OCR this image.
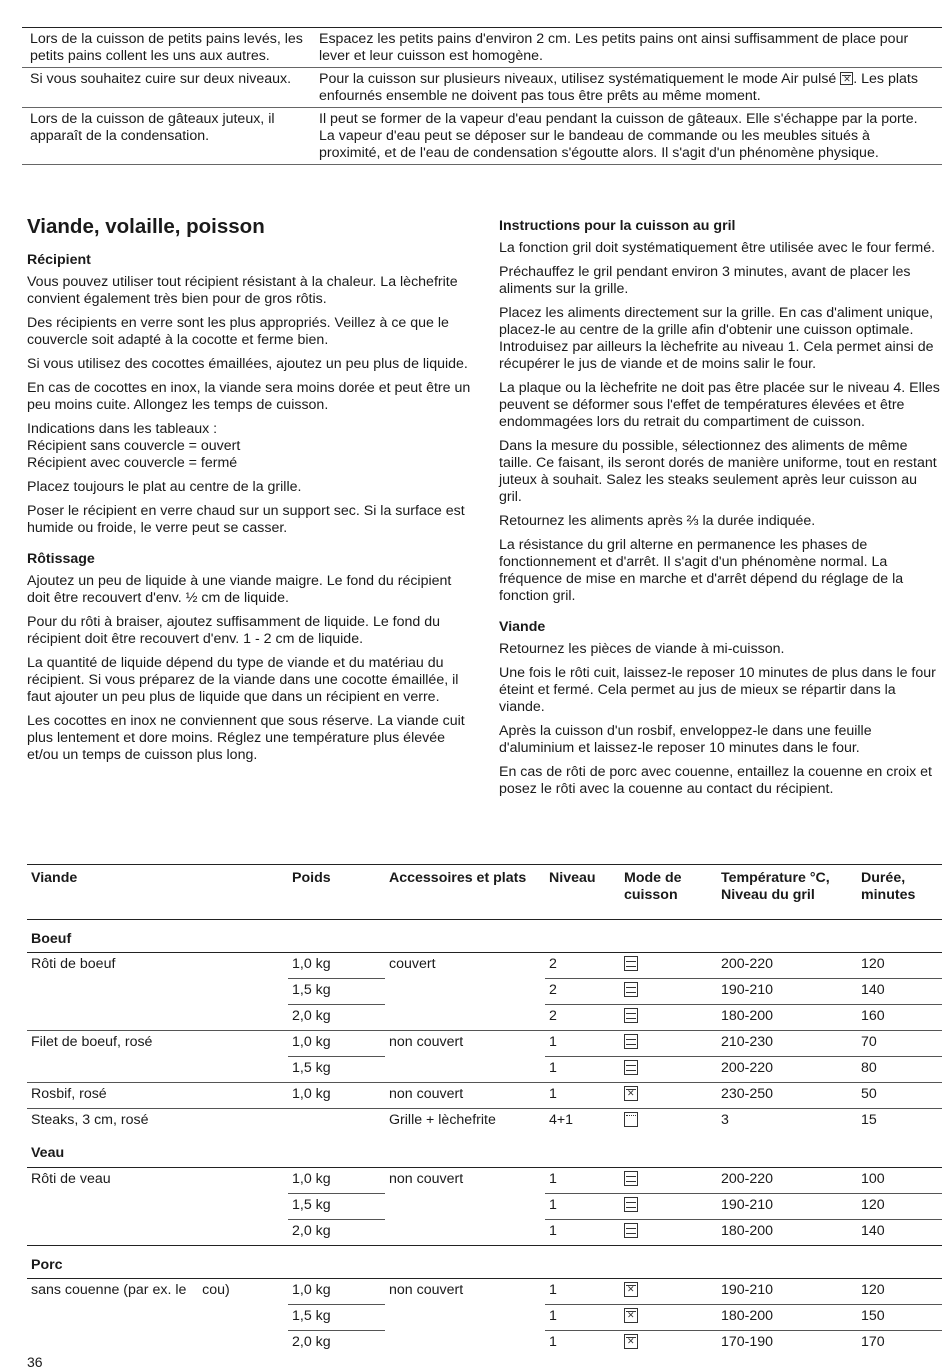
Lors de la cuisson de petits pains levés, les petits pains collent les uns aux autres.	Espacez les petits pains d'environ 2 cm. Les petits pains ont ainsi suffisamment de place pour lever et leur cuisson est homogène.
Si vous souhaitez cuire sur deux niveaux.	Pour la cuisson sur plusieurs niveaux, utilisez systématiquement le mode Air pulsé ✕ . Les plats enfournés ensemble ne doivent pas tous être prêts au même moment.
Lors de la cuisson de gâteaux juteux, il apparaît de la condensation.	Il peut se former de la vapeur d'eau pendant la cuisson de gâteaux. Elle s'échappe par la porte. La vapeur d'eau peut se déposer sur le bandeau de commande ou les meubles situés à proximité, et de l'eau de condensation s'égoutte alors. Il s'agit d'un phénomène physique.
Viande, volaille, poisson
Récipient

Vous pouvez utiliser tout récipient résistant à la chaleur. La lèchefrite convient également très bien pour de gros rôtis.

Des récipients en verre sont les plus appropriés. Veillez à ce que le couvercle soit adapté à la cocotte et ferme bien.

Si vous utilisez des cocottes émaillées, ajoutez un peu plus de liquide.

En cas de cocottes en inox, la viande sera moins dorée et peut être un peu moins cuite. Allongez les temps de cuisson.

Indications dans les tableaux :
Récipient sans couvercle = ouvert
Récipient avec couvercle = fermé

Placez toujours le plat au centre de la grille.

Poser le récipient en verre chaud sur un support sec. Si la surface est humide ou froide, le verre peut se casser.

Rôtissage

Ajoutez un peu de liquide à une viande maigre. Le fond du récipient doit être recouvert d'env. ½ cm de liquide.

Pour du rôti à braiser, ajoutez suffisamment de liquide. Le fond du récipient doit être recouvert d'env. 1 - 2 cm de liquide.

La quantité de liquide dépend du type de viande et du matériau du récipient. Si vous préparez de la viande dans une cocotte émaillée, il faut ajouter un peu plus de liquide que dans un récipient en verre.

Les cocottes en inox ne conviennent que sous réserve. La viande cuit plus lentement et dore moins. Réglez une température plus élevée et/ou un temps de cuisson plus long.

Instructions pour la cuisson au gril

La fonction gril doit systématiquement être utilisée avec le four fermé.

Préchauffez le gril pendant environ 3 minutes, avant de placer les aliments sur la grille.

Placez les aliments directement sur la grille. En cas d'aliment unique, placez-le au centre de la grille afin d'obtenir une cuisson optimale. Introduisez par ailleurs la lèchefrite au niveau 1. Cela permet ainsi de récupérer le jus de viande et de moins salir le four.

La plaque ou la lèchefrite ne doit pas être placée sur le niveau 4. Elles peuvent se déformer sous l'effet de températures élevées et être endommagées lors du retrait du compartiment de cuisson.

Dans la mesure du possible, sélectionnez des aliments de même taille. Ce faisant, ils seront dorés de manière uniforme, tout en restant juteux à souhait. Salez les steaks seulement après leur cuisson au gril.

Retournez les aliments après ⅔ la durée indiquée.

La résistance du gril alterne en permanence les phases de fonctionnement et d'arrêt. Il s'agit d'un phénomène normal. La fréquence de mise en marche et d'arrêt dépend du réglage de la fonction gril.

Viande

Retournez les pièces de viande à mi-cuisson.

Une fois le rôti cuit, laissez-le reposer 10 minutes de plus dans le four éteint et fermé. Cela permet au jus de mieux se répartir dans la viande.

Après la cuisson d'un rosbif, enveloppez-le dans une feuille d'aluminium et laissez-le reposer 10 minutes dans le four.

En cas de rôti de porc avec couenne, entaillez la couenne en croix et posez le rôti avec la couenne au contact du récipient.

Viande	Poids	Accessoires et plats	Niveau	Mode de cuisson	Température °C, Niveau du gril	Durée, minutes
Boeuf						
Rôti de boeuf	1,0 kg	couvert	2		200-220	120
	1,5 kg		2		190-210	140
	2,0 kg		2		180-200	160
Filet de boeuf, rosé	1,0 kg	non couvert	1		210-230	70
	1,5 kg		1		200-220	80
Rosbif, rosé	1,0 kg	non couvert	1	✕	230-250	50
Steaks, 3 cm, rosé		Grille + lèchefrite	4+1		3	15
Veau						
Rôti de veau	1,0 kg	non couvert	1		200-220	100
	1,5 kg		1		190-210	120
	2,0 kg		1		180-200	140
Porc						
sans couenne (par ex. le    cou)	1,0 kg	non couvert	1	✕	190-210	120
	1,5 kg		1	✕	180-200	150
	2,0 kg		1	✕	170-190	170
36
